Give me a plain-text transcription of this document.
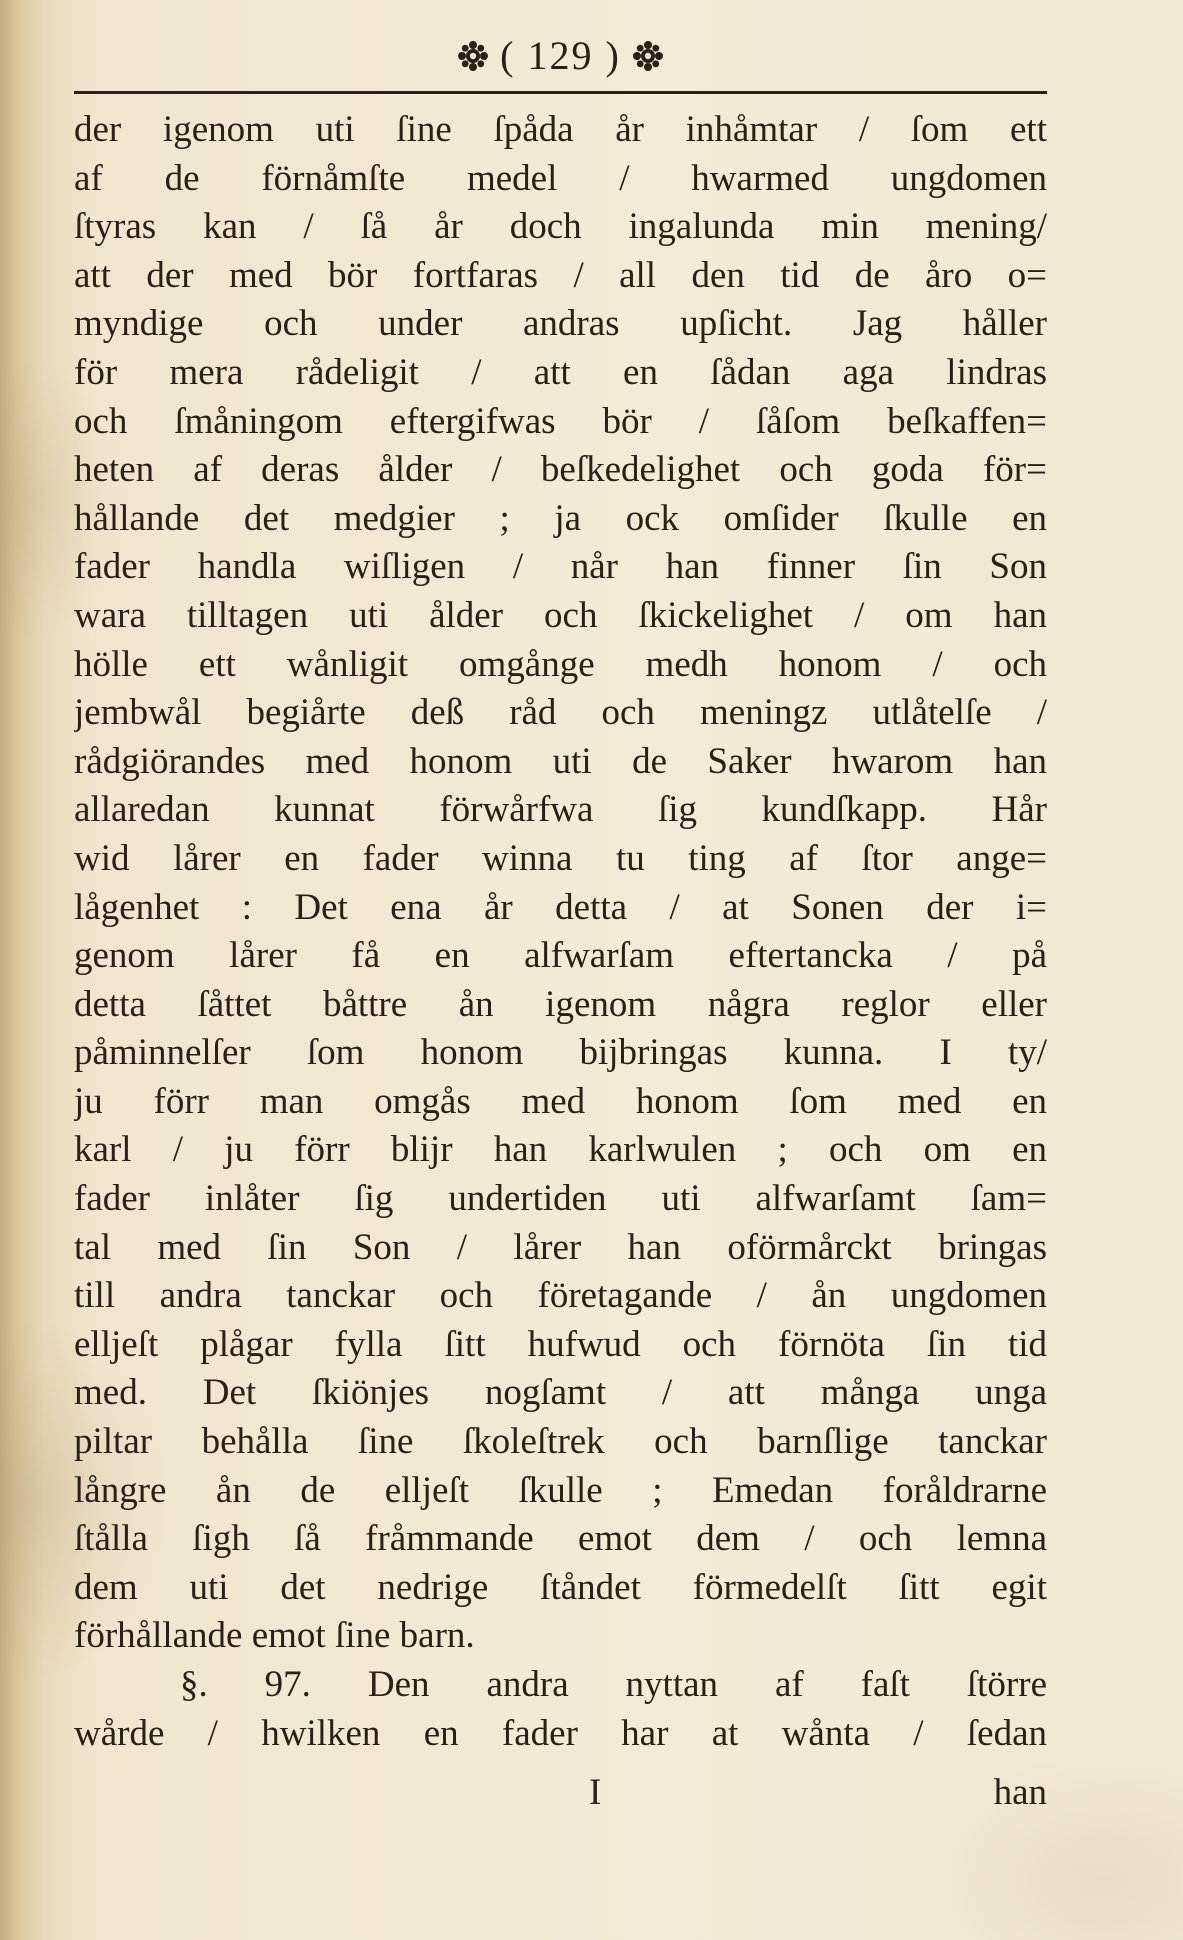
( 129 )
der igenom uti ſine ſpåda år inhåmtar / ſom ett
af de förnåmſte medel / hwarmed ungdomen
ſtyras kan / ſå år doch ingalunda min mening/
att der med bör fortfaras / all den tid de åro o=
myndige och under andras upſicht. Jag håller
för mera rådeligit / att en ſådan aga lindras
och ſmåningom eftergifwas bör / ſåſom beſkaffen=
heten af deras ålder / beſkedelighet och goda för=
hållande det medgier ; ja ock omſider ſkulle en
fader handla wiſligen / når han finner ſin Son
wara tilltagen uti ålder och ſkickelighet / om han
hölle ett wånligit omgånge medh honom / och
jembwål begiårte deß råd och meningz utlåtelſe /
rådgiörandes med honom uti de Saker hwarom han
allaredan kunnat förwårfwa ſig kundſkapp. Hår
wid lårer en fader winna tu ting af ſtor ange=
lågenhet : Det ena år detta / at Sonen der i=
genom lårer få en alfwarſam eftertancka / på
detta ſåttet båttre ån igenom några reglor eller
påminnelſer ſom honom bijbringas kunna. I ty/
ju förr man omgås med honom ſom med en
karl / ju förr blijr han karlwulen ; och om en
fader inlåter ſig undertiden uti alfwarſamt ſam=
tal med ſin Son / lårer han oförmårckt bringas
till andra tanckar och företagande / ån ungdomen
elljeſt plågar fylla ſitt hufwud och förnöta ſin tid
med. Det ſkiönjes nogſamt / att många unga
piltar behålla ſine ſkoleſtrek och barnſlige tanckar
långre ån de elljeſt ſkulle ; Emedan foråldrarne
ſtålla ſigh ſå fråmmande emot dem / och lemna
dem uti det nedrige ſtåndet förmedelſt ſitt egit
förhållande emot ſine barn.
§. 97. Den andra nyttan af faſt ſtörre
wårde / hwilken en fader har at wånta / ſedan
I	han
